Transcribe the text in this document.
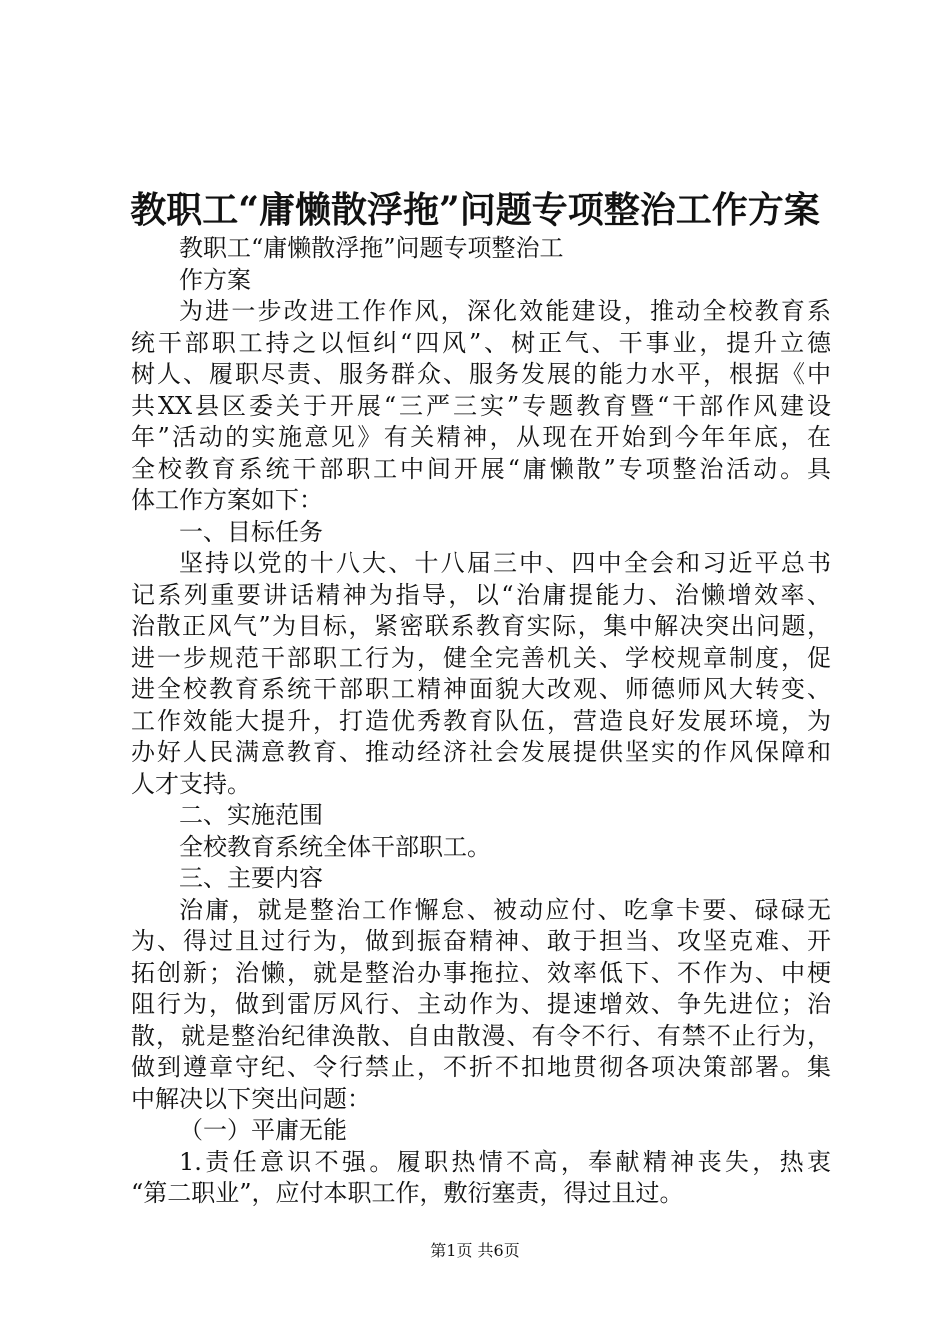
教职工“庸懒散浮拖”问题专项整治工作方案
教职工“庸懒散浮拖”问题专项整治工
作方案
为进一步改进工作作风，深化效能建设，推动全校教育系
统干部职工持之以恒纠“四风”、树正气、干事业，提升立德
树人、履职尽责、服务群众、服务发展的能力水平，根据《中
共XX县区委关于开展“三严三实”专题教育暨“干部作风建设
年”活动的实施意见》有关精神，从现在开始到今年年底，在
全校教育系统干部职工中间开展“庸懒散”专项整治活动。具
体工作方案如下：
一、目标任务
坚持以党的十八大、十八届三中、四中全会和习近平总书
记系列重要讲话精神为指导，以“治庸提能力、治懒增效率、
治散正风气”为目标，紧密联系教育实际，集中解决突出问题，
进一步规范干部职工行为，健全完善机关、学校规章制度，促
进全校教育系统干部职工精神面貌大改观、师德师风大转变、
工作效能大提升，打造优秀教育队伍，营造良好发展环境，为
办好人民满意教育、推动经济社会发展提供坚实的作风保障和
人才支持。
二、实施范围
全校教育系统全体干部职工。
三、主要内容
治庸，就是整治工作懈怠、被动应付、吃拿卡要、碌碌无
为、得过且过行为，做到振奋精神、敢于担当、攻坚克难、开
拓创新；治懒，就是整治办事拖拉、效率低下、不作为、中梗
阻行为，做到雷厉风行、主动作为、提速增效、争先进位；治
散，就是整治纪律涣散、自由散漫、有令不行、有禁不止行为，
做到遵章守纪、令行禁止，不折不扣地贯彻各项决策部署。集
中解决以下突出问题：
（一）平庸无能
1.责任意识不强。履职热情不高，奉献精神丧失，热衷
“第二职业”，应付本职工作，敷衍塞责，得过且过。
第1页 共6页
